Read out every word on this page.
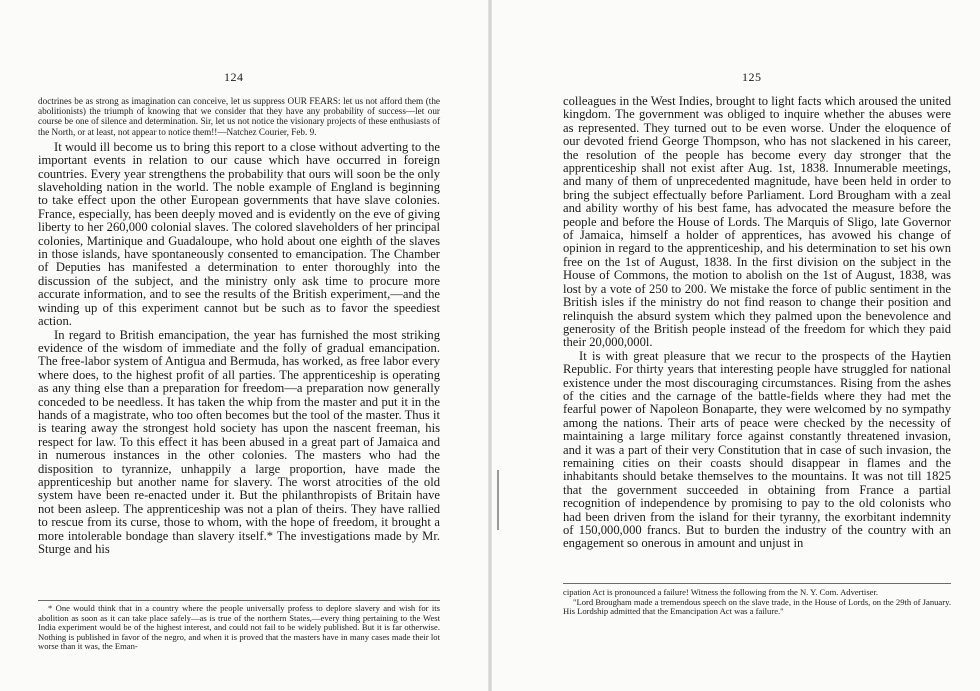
124
doctrines be as strong as imagination can conceive, let us suppress OUR FEARS: let us not afford them (the abolitionists) the triumph of knowing that we consider that they have any probability of success—let our course be one of silence and determination. Sir, let us not notice the visionary projects of these enthusiasts of the North, or at least, not appear to notice them!!—Natchez Courier, Feb. 9.

It would ill become us to bring this report to a close without adverting to the important events in relation to our cause which have occurred in foreign countries. Every year strengthens the probability that ours will soon be the only slaveholding nation in the world. The noble example of England is beginning to take effect upon the other European governments that have slave colonies. France, especially, has been deeply moved and is evidently on the eve of giving liberty to her 260,000 colonial slaves. The colored slaveholders of her principal colonies, Martinique and Guadaloupe, who hold about one eighth of the slaves in those islands, have spontaneously consented to emancipation. The Chamber of Deputies has manifested a determination to enter thoroughly into the discussion of the subject, and the ministry only ask time to procure more accurate information, and to see the results of the British experiment,—and the winding up of this experiment cannot but be such as to favor the speediest action.

In regard to British emancipation, the year has furnished the most striking evidence of the wisdom of immediate and the folly of gradual emancipation. The free-labor system of Antigua and Bermuda, has worked, as free labor every where does, to the highest profit of all parties. The apprenticeship is operating as any thing else than a preparation for freedom—a preparation now generally conceded to be needless. It has taken the whip from the master and put it in the hands of a magistrate, who too often becomes but the tool of the master. Thus it is tearing away the strongest hold society has upon the nascent freeman, his respect for law. To this effect it has been abused in a great part of Jamaica and in numerous instances in the other colonies. The masters who had the disposition to tyrannize, unhappily a large proportion, have made the apprenticeship but another name for slavery. The worst atrocities of the old system have been re-enacted under it. But the philanthropists of Britain have not been asleep. The apprenticeship was not a plan of theirs. They have rallied to rescue from its curse, those to whom, with the hope of freedom, it brought a more intolerable bondage than slavery itself.* The investigations made by Mr. Sturge and his

* One would think that in a country where the people universally profess to deplore slavery and wish for its abolition as soon as it can take place safely—as is true of the northern States,—every thing pertaining to the West India experiment would be of the highest interest, and could not fail to be widely published. But it is far otherwise. Nothing is published in favor of the negro, and when it is proved that the masters have in many cases made their lot worse than it was, the Eman-

125

colleagues in the West Indies, brought to light facts which aroused the united kingdom. The government was obliged to inquire whether the abuses were as represented. They turned out to be even worse. Under the eloquence of our devoted friend George Thompson, who has not slackened in his career, the resolution of the people has become every day stronger that the apprenticeship shall not exist after Aug. 1st, 1838. Innumerable meetings, and many of them of unprecedented magnitude, have been held in order to bring the subject effectually before Parliament. Lord Brougham with a zeal and ability worthy of his best fame, has advocated the measure before the people and before the House of Lords. The Marquis of Sligo, late Governor of Jamaica, himself a holder of apprentices, has avowed his change of opinion in regard to the apprenticeship, and his determination to set his own free on the 1st of August, 1838. In the first division on the subject in the House of Commons, the motion to abolish on the 1st of August, 1838, was lost by a vote of 250 to 200. We mistake the force of public sentiment in the British isles if the ministry do not find reason to change their position and relinquish the absurd system which they palmed upon the benevolence and generosity of the British people instead of the freedom for which they paid their 20,000,000l.

It is with great pleasure that we recur to the prospects of the Haytien Republic. For thirty years that interesting people have struggled for national existence under the most discouraging circumstances. Rising from the ashes of the cities and the carnage of the battle-fields where they had met the fearful power of Napoleon Bonaparte, they were welcomed by no sympathy among the nations. Their arts of peace were checked by the necessity of maintaining a large military force against constantly threatened invasion, and it was a part of their very Constitution that in case of such invasion, the remaining cities on their coasts should disappear in flames and the inhabitants should betake themselves to the mountains. It was not till 1825 that the government succeeded in obtaining from France a partial recognition of independence by promising to pay to the old colonists who had been driven from the island for their tyranny, the exorbitant indemnity of 150,000,000 francs. But to burden the industry of the country with an engagement so onerous in amount and unjust in

cipation Act is pronounced a failure! Witness the following from the N. Y. Com. Advertiser.

"Lord Brougham made a tremendous speech on the slave trade, in the House of Lords, on the 29th of January. His Lordship admitted that the Emancipation Act was a failure."
